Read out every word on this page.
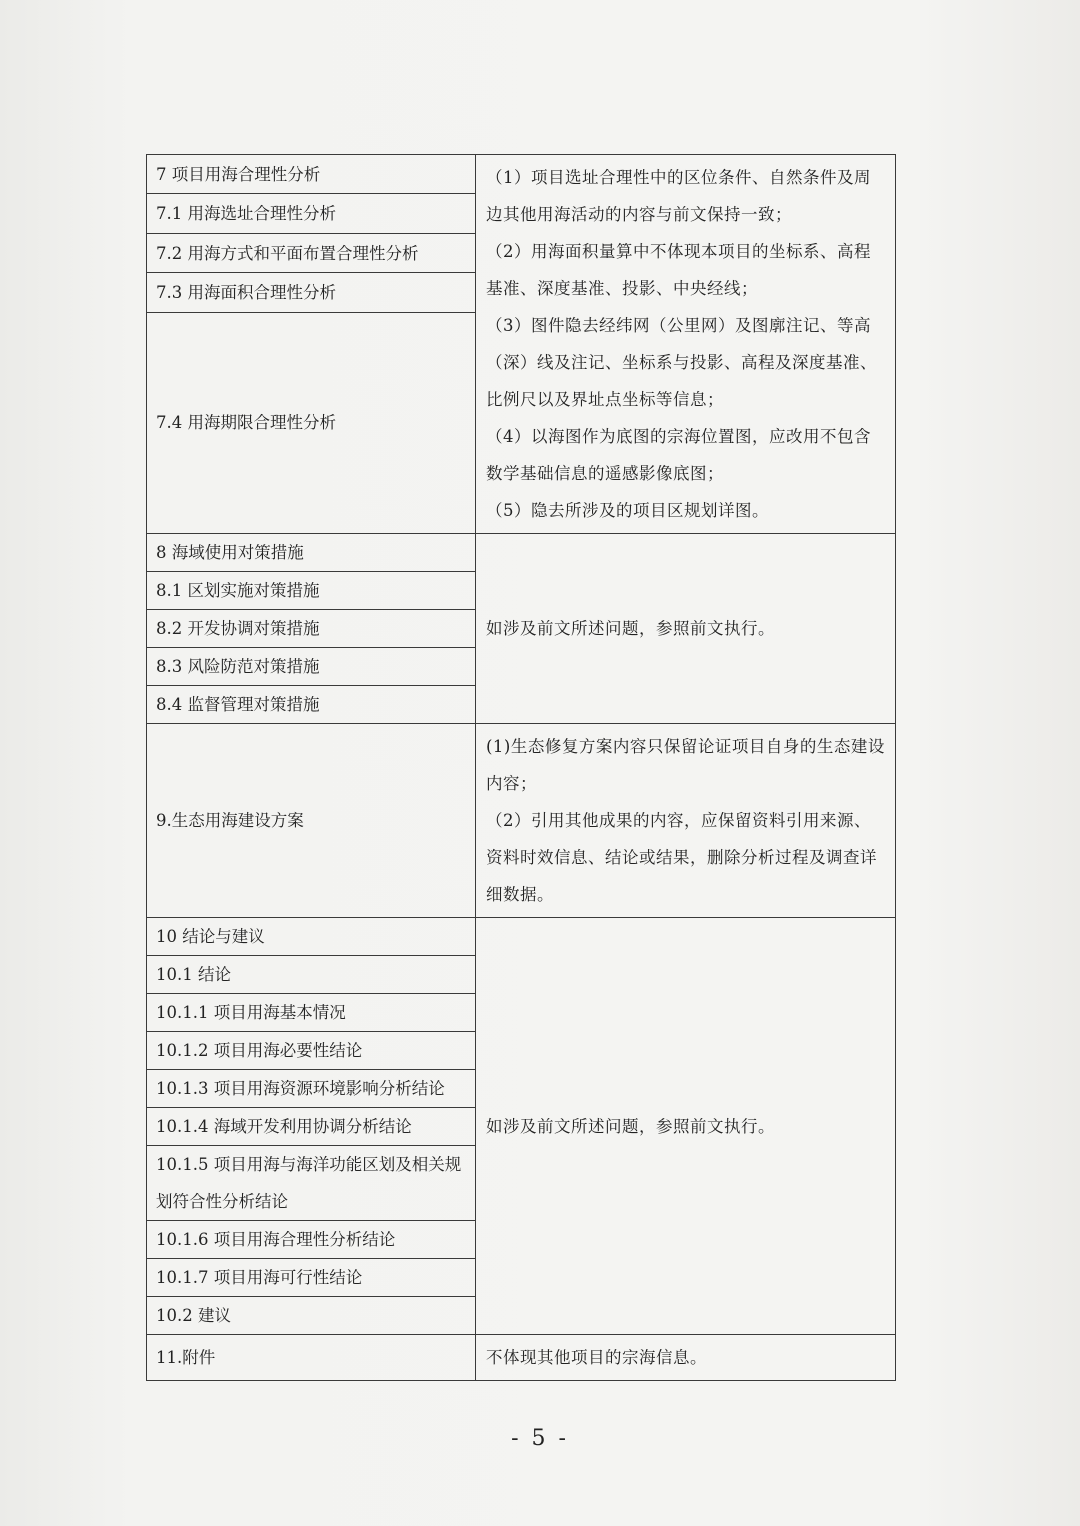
7 项目用海合理性分析	（1）项目选址合理性中的区位条件、自然条件及周边其他用海活动的内容与前文保持一致；

（2）用海面积量算中不体现本项目的坐标系、高程基准、深度基准、投影、中央经线；

（3）图件隐去经纬网（公里网）及图廓注记、等高（深）线及注记、坐标系与投影、高程及深度基准、比例尺以及界址点坐标等信息；

（4）以海图作为底图的宗海位置图，应改用不包含数学基础信息的遥感影像底图；

（5）隐去所涉及的项目区规划详图。

7.1 用海选址合理性分析	
7.2 用海方式和平面布置合理性分析	
7.3 用海面积合理性分析	
7.4 用海期限合理性分析	
8 海域使用对策措施	如涉及前文所述问题，参照前文执行。

8.1 区划实施对策措施	
8.2 开发协调对策措施	
8.3 风险防范对策措施	
8.4 监督管理对策措施	
9.生态用海建设方案	(1)生态修复方案内容只保留论证项目自身的生态建设内容；

（2）引用其他成果的内容，应保留资料引用来源、资料时效信息、结论或结果，删除分析过程及调查详细数据。

10 结论与建议	如涉及前文所述问题，参照前文执行。

10.1 结论	
10.1.1 项目用海基本情况	
10.1.2 项目用海必要性结论	
10.1.3 项目用海资源环境影响分析结论	
10.1.4 海域开发利用协调分析结论	
10.1.5 项目用海与海洋功能区划及相关规划符合性分析结论	
10.1.6 项目用海合理性分析结论	
10.1.7 项目用海可行性结论	
10.2 建议	
11.附件	不体现其他项目的宗海信息。

- 5 -
